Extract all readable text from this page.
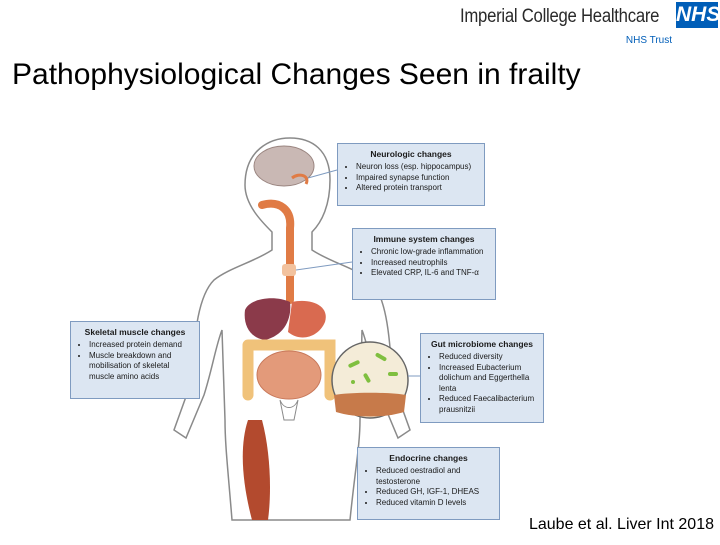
Imperial College Healthcare NHS
NHS Trust
Pathophysiological Changes Seen in frailty
Neurologic changes
• Neuron loss (esp. hippocampus)
• Impaired synapse function
• Altered protein transport
Immune system changes
• Chronic low-grade inflammation
• Increased neutrophils
• Elevated CRP, IL-6 and TNF-α
Skeletal muscle changes
• Increased protein demand
• Muscle breakdown and mobilisation of skeletal muscle amino acids
Gut microbiome changes
• Reduced diversity
• Increased Eubacterium dolichum and Eggerthella lenta
• Reduced Faecalibacterium prausnitzii
Endocrine changes
• Reduced oestradiol and testosterone
• Reduced GH, IGF-1, DHEAS
• Reduced vitamin D levels
Laube et al. Liver Int 2018
